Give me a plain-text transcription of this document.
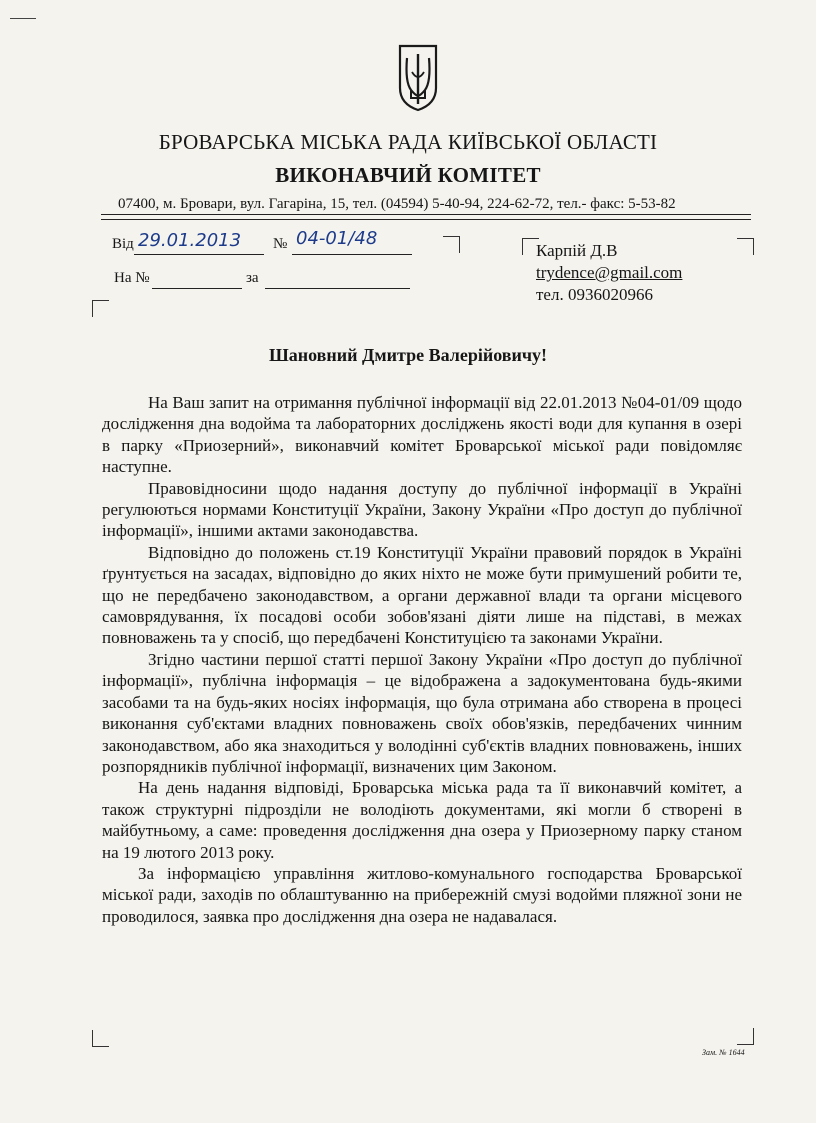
БРОВАРСЬКА МІСЬКА РАДА КИЇВСЬКОЇ ОБЛАСТІ
ВИКОНАВЧИЙ КОМІТЕТ
07400, м. Бровари, вул. Гагаріна, 15, тел. (04594) 5-40-94, 224-62-72, тел.- факс: 5-53-82
Від 29.01.2013 № 04-01/48
На №	за
Карпій Д.В
trydence@gmail.com
тел. 0936020966
Шановний Дмитре Валерійовичу!

На Ваш запит на отримання публічної інформації від 22.01.2013 №04-01/09 щодо дослідження дна водойма та лабораторних досліджень якості води для купання в озері в парку «Приозерний», виконавчий комітет Броварської міської ради повідомляє наступне.

Правовідносини щодо надання доступу до публічної інформації в Україні регулюються нормами Конституції України, Закону України «Про доступ до публічної інформації», іншими актами законодавства.

Відповідно до положень ст.19 Конституції України правовий порядок в Україні ґрунтується на засадах, відповідно до яких ніхто не може бути примушений робити те, що не передбачено законодавством, а органи державної влади та органи місцевого самоврядування, їх посадові особи зобов'язані діяти лише на підставі, в межах повноважень та у спосіб, що передбачені Конституцією та законами України.

Згідно частини першої статті першої Закону України «Про доступ до публічної інформації», публічна інформація – це відображена а задокументована будь-якими засобами та на будь-яких носіях інформація, що була отримана або створена в процесі виконання суб'єктами владних повноважень своїх обов'язків, передбачених чинним законодавством, або яка знаходиться у володінні суб'єктів владних повноважень, інших розпорядників публічної інформації, визначених цим Законом.

На день надання відповіді, Броварська міська рада та її виконавчий комітет, а також структурні підрозділи не володіють документами, які могли б створені в майбутньому, а саме: проведення дослідження дна озера у Приозерному парку станом на 19 лютого 2013 року.

За інформацією управління житлово-комунального господарства Броварської міської ради, заходів по облаштуванню на прибережній смузі водойми пляжної зони не проводилося, заявка про дослідження дна озера не надавалася.

Зам. № 1644
